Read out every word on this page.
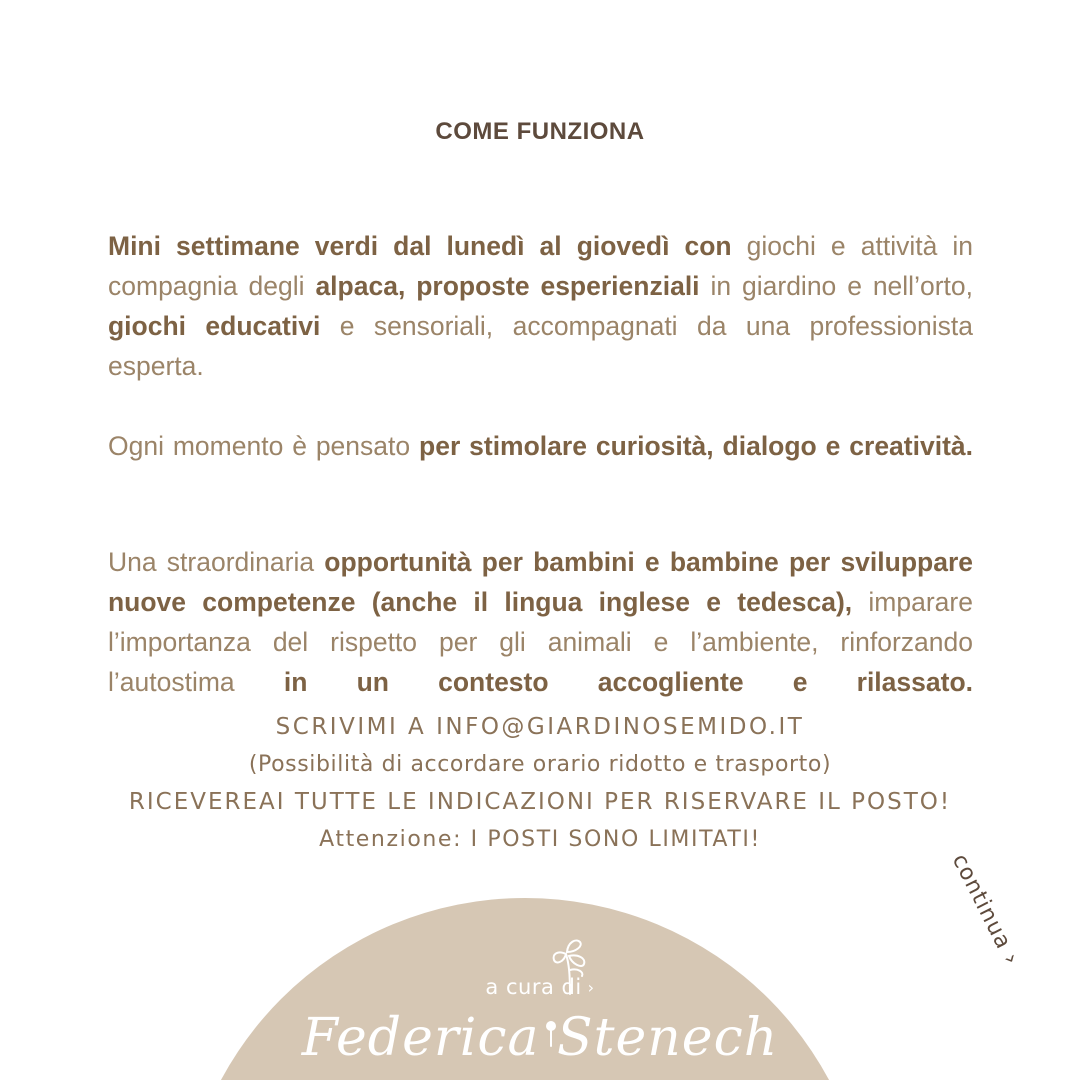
COME FUNZIONA

Mini settimane verdi dal lunedì al giovedì con giochi e attività in compagnia degli alpaca, proposte esperienziali in giardino e nell’orto, giochi educativi e sensoriali, accompagnati da una professionista esperta.

Ogni momento è pensato per stimolare curiosità, dialogo e creatività.

Una straordinaria opportunità per bambini e bambine per sviluppare nuove competenze (anche il lingua inglese e tedesca), imparare l’importanza del rispetto per gli animali e l’ambiente, rinforzando l’autostima in un contesto accogliente e rilassato.

SCRIVIMI A INFO@GIARDINOSEMIDO.IT
(Possibilità di accordare orario ridotto e trasporto)
RICEVEREAI TUTTE LE INDICAZIONI PER RISERVARE IL POSTO!
Attenzione: I POSTI SONO LIMITATI!
a cura di ›
Federica Stenech
continua›
